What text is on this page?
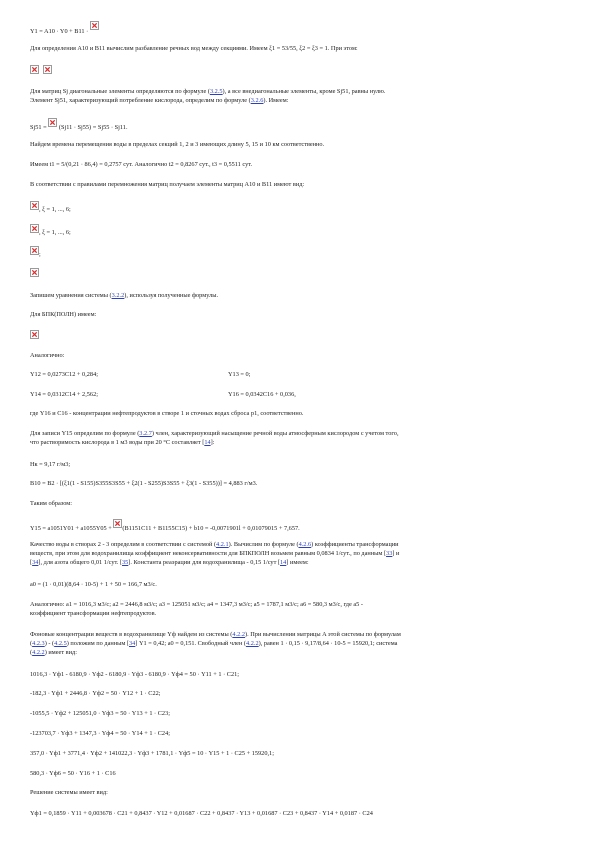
Y1 = A10 · Y0 + B11 ·
Для определения A10 и B11 вычислим разбавление речных вод между секциями. Имеем ξ1 = 53/55, ξ2 = ξ3 = 1. При этом:

Для матриц Sj диагональные элементы определяются по формуле (3.2.5), а все внедиагональные элементы, кроме Sj51, равны нулю.
Элемент Sj51, характеризующий потребление кислорода, определим по формуле (3.2.6). Имеем:
Sj51 = (Sj11 · Sj55) = Sj55 · Sj11.
Найдем времена перемещения воды в пределах секций 1, 2 и 3 имеющих длину 5, 15 и 10 км соответственно.
Имеем t1 = 5/(0,21 · 86,4) = 0,2757 сут. Аналогично t2 = 0,8267 сут., t3 = 0,5511 сут.
В соответствии с правилами перемножения матриц получаем элементы матриц A10 и B11 имеют вид:
, ξ = 1, ..., 6;
, ξ = 1, ..., 6;
;
Запишем уравнения системы (3.2.2), используя полученные формулы.
Для БПК(ПОЛН) имеем:
Аналогично:
Y12 = 0,0273C12 + 0,284;	Y13 = 0;
Y14 = 0,0312C14 + 2,562;	Y16 = 0,0342C16 + 0,036,
где Y16 и C16 - концентрации нефтепродуктов в створе 1 и сточных водах сброса p1, соответственно.
Для записи Y15 определим по формуле (3.2.7) член, характеризующий насыщение речной воды атмосферным кислородом с учетом того,
что растворимость кислорода в 1 м3 воды при 20 °C составляет [14]:
Нк = 9,17 г/м3;
B10 = B2 · [(ξ1(1 - S155)S355S3S55 + ξ2(1 - S255)S3S55 + ξ3(1 - S355))] = 4,883 г/м3.
Таким образом:
Y15 = a1051Y01 + a1055Y05 + (B1151C11 + B1155C15) + b10 = -0,0071901l + 0,01079015 + 7,657.
Качество воды в створах 2 - 3 определим в соответствии с системой (4.2.1). Вычислим по формуле (4.2.6) коэффициенты трансформации
веществ, при этом для водохранилища коэффициент неконсервативности для БПКПОЛН возьмем равным 0,0834 1/сут., по данным [33] и
[34], для азота общего 0,01 1/сут. [35]. Константа реаэрации для водохранилища - 0,15 1/сут [14] имеем:
a0 = (1 · 0,01)(8,64 · 10-5) + 1 + 50 = 166,7 м3/с.
Аналогично: a1 = 1016,3 м3/с; a2 = 2446,8 м3/с; a3 = 125051 м3/с; a4 = 1347,3 м3/с; a5 = 1787,1 м3/с; a6 = 580,3 м3/с, где a5 -
коэффициент трансформации нефтепродуктов.
Фоновые концентрации веществ в водохранилище Yф найдем из системы (4.2.2). При вычислении матрицы A этой системы по формулам
(4.2.3) - (4.2.5) положим по данным [34] Y1 = 0,42; a0 = 0,151. Свободный член (4.2.2), равен 1 · 0,15 · 9,17/8,64 · 10-5 = 15920,1; система
(4.2.2) имеет вид:
1016,3 · Yф1 - 6180,9 · Yф2 - 6180,9 · Yф3 - 6180,9 · Yф4 = 50 · Y11 + 1 · C21;
-182,3 · Yф1 + 2446,8 · Yф2 = 50 · Y12 + 1 · C22;
-1055,5 · Yф2 + 125051,0 · Yф3 = 50 · Y13 + 1 · C23;
-123703,7 · Yф3 + 1347,3 · Yф4 = 50 · Y14 + 1 · C24;
357,0 · Yф1 + 3771,4 · Yф2 + 141022,3 · Yф3 + 1781,1 · Yф5 = 10 · Y15 + 1 · C25 + 15920,1;
580,3 · Yф6 = 50 · Y16 + 1 · C16
Решение системы имеет вид:
Yф1 = 0,1859 · Y11 + 0,003678 · C21 + 0,8437 · Y12 + 0,01687 · C22 + 0,8437 · Y13 + 0,01687 · C23 + 0,8437 · Y14 + 0,0187 · C24
